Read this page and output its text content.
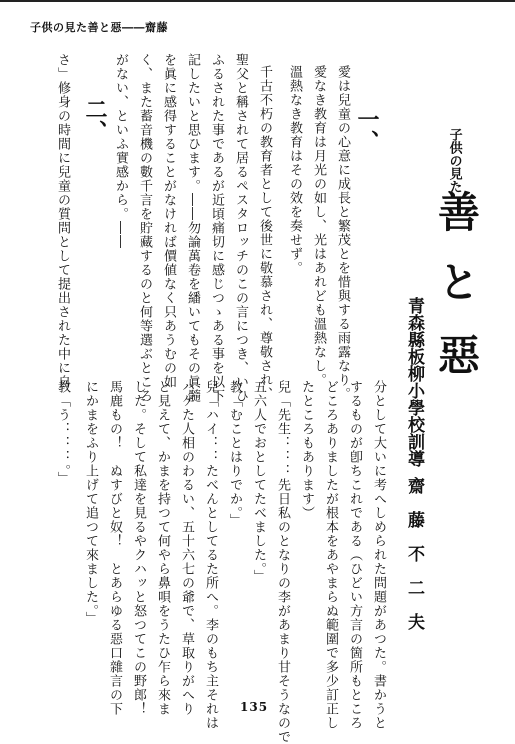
子供の見た善と惡――齋藤
一、
愛は兒童の心意に成長と繁茂とを惜與する雨露なり。
愛なき教育は月光の如し、光はあれども溫熱なし。
溫熱なき教育はその效を奏せず。
千古不朽の教育者として後世に敬慕され、尊敬され、
聖父と稱されて居るペスタロッチのこの言につき、いひ
ふるされた事であるが近頃痛切に感じつゝある事を以下
記したいと思ひます。――勿論萬卷を繙いてもその眞髓
を眞に感得することがなければ價値なく只あうむの如
く、また蓄音機の數千言を貯藏するのと何等選ぶところ
がない、といふ實感から。――
二、
さ」修身の時間に兒童の質問として提出された中に自	子供の見た
善
と
惡
青森縣板柳小學校訓導
齋　藤　不　二　夫
分として大いに考へしめられた問題があつた。書かうと
するものが卽ちこれである（ひどい方言の箇所もところ
どころありましたが根本をあやまらぬ範圍で多少訂正し
たところもあります）
兒「先生：：：先日私のとなりの李があまり甘そうなので
五六人でおとしてたべました。」
教「むことはりでか。」
兒「ハイ：：たべんとしてるた所へ。李のもち主それは
ハゲた人相のわるい、五十六七の爺で、草取りがへり
と見えて、かまを持つて何やら鼻唄をうたひ乍ら來ま
した。そして私達を見るやクハッと怒つてこの野郎！
馬鹿もの！　ぬすびと奴！　とあらゆる惡口雜言の下
にかまをふり上げて追つて來ました。」
教「う：：：。」
135
